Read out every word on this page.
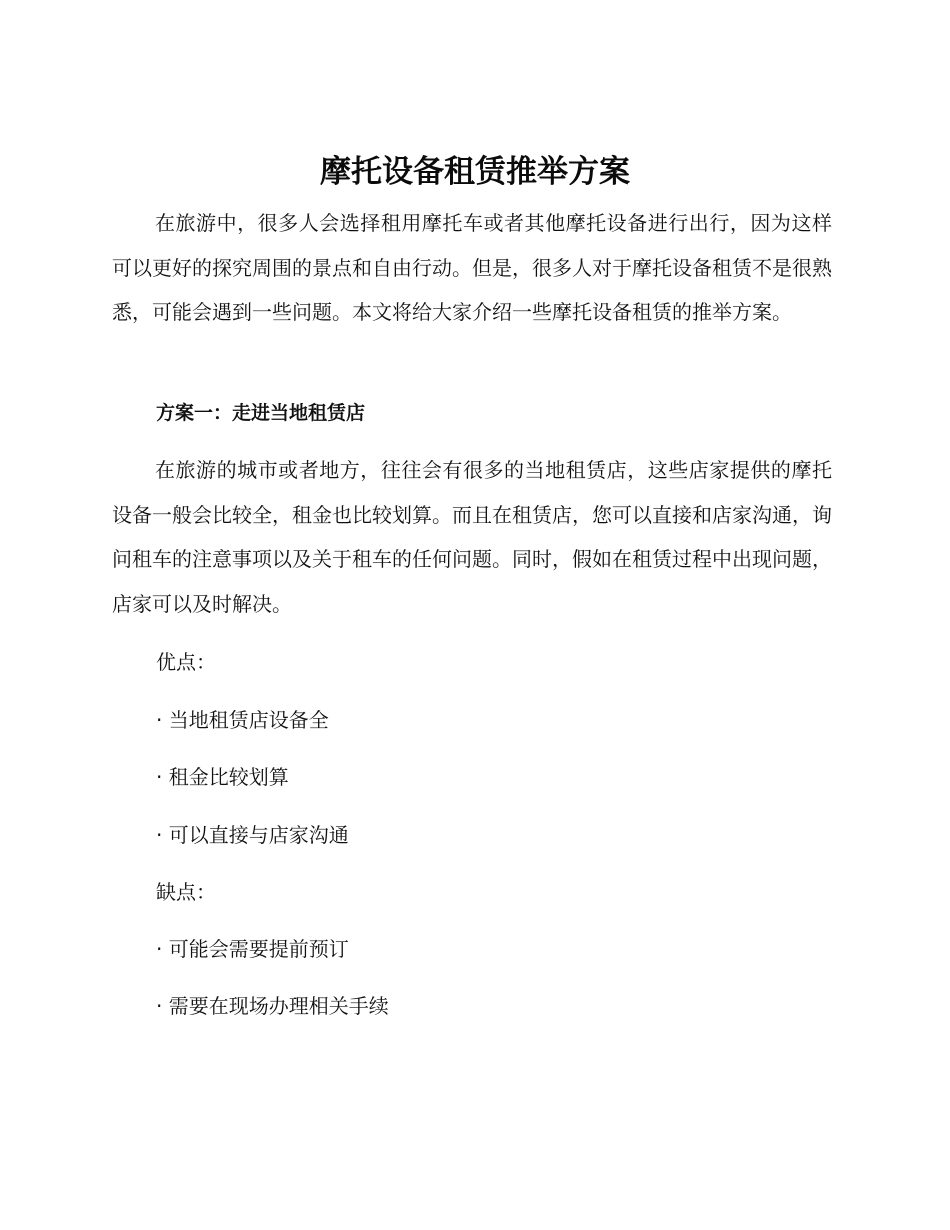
摩托设备租赁推举方案

在旅游中，很多人会选择租用摩托车或者其他摩托设备进行出行，因为这样可以更好的探究周围的景点和自由行动。但是，很多人对于摩托设备租赁不是很熟悉，可能会遇到一些问题。本文将给大家介绍一些摩托设备租赁的推举方案。

方案一：走进当地租赁店

在旅游的城市或者地方，往往会有很多的当地租赁店，这些店家提供的摩托设备一般会比较全，租金也比较划算。而且在租赁店，您可以直接和店家沟通，询问租车的注意事项以及关于租车的任何问题。同时，假如在租赁过程中出现问题，店家可以及时解决。

优点：

· 当地租赁店设备全

· 租金比较划算

· 可以直接与店家沟通

缺点：

· 可能会需要提前预订

· 需要在现场办理相关手续
